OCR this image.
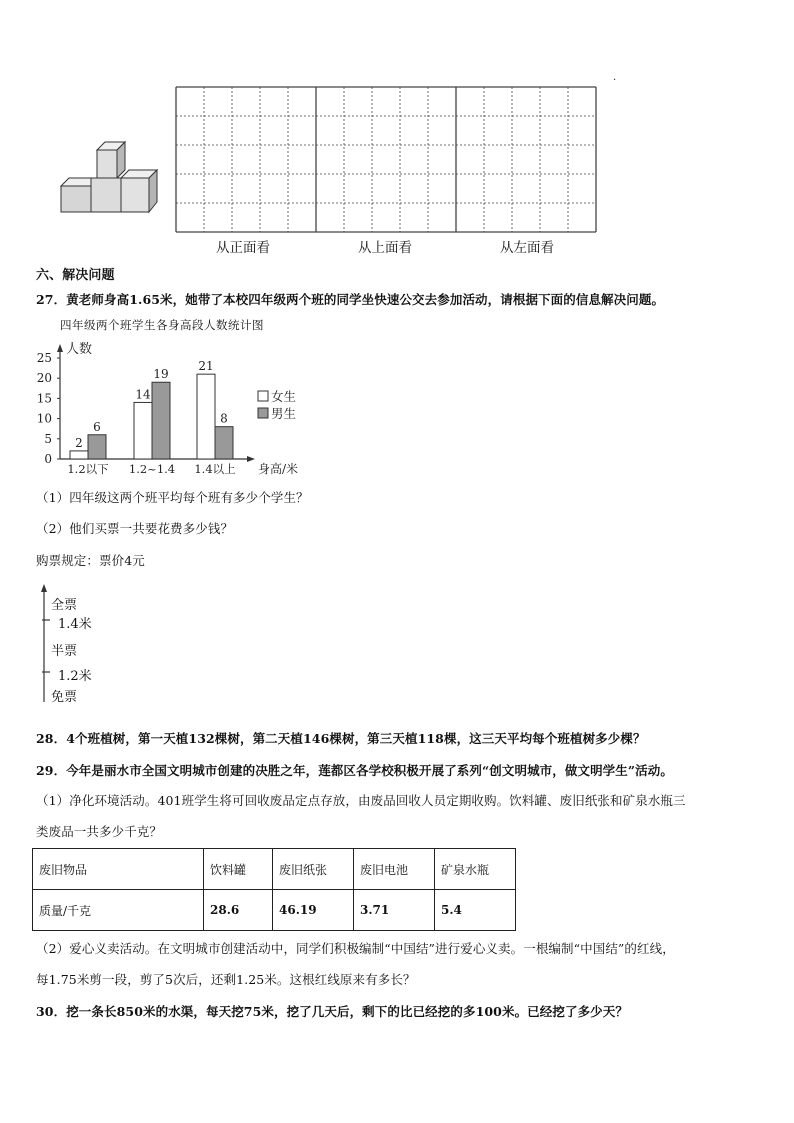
.
从正面看	从上面看	从左面看
六、解决问题
27．黄老师身高1.65米，她带了本校四年级两个班的同学坐快速公交去参加活动，请根据下面的信息解决问题。
四年级两个班学生各身高段人数统计图
0
5
10
15
20
25
人数
身高/米
2
6
1.2以下
14
19
1.2~1.4
21
8
1.4以上
女生
男生
（1）四年级这两个班平均每个班有多少个学生？
（2）他们买票一共要花费多少钱？
购票规定：票价4元
全票
1.4米
半票
1.2米
免票
28．4个班植树，第一天植132棵树，第二天植146棵树，第三天植118棵，这三天平均每个班植树多少棵？
29．今年是丽水市全国文明城市创建的决胜之年，莲都区各学校积极开展了系列“创文明城市，做文明学生”活动。
（1）净化环境活动。401班学生将可回收废品定点存放，由废品回收人员定期收购。饮料罐、废旧纸张和矿泉水瓶三
类废品一共多少千克？
废旧物品	饮料罐	废旧纸张	废旧电池	矿泉水瓶
质量/千克	28.6	46.19	3.71	5.4
（2）爱心义卖活动。在文明城市创建活动中，同学们积极编制“中国结”进行爱心义卖。一根编制“中国结”的红线，
每1.75米剪一段，剪了5次后，还剩1.25米。这根红线原来有多长？
30．挖一条长850米的水渠，每天挖75米，挖了几天后，剩下的比已经挖的多100米。已经挖了多少天？
